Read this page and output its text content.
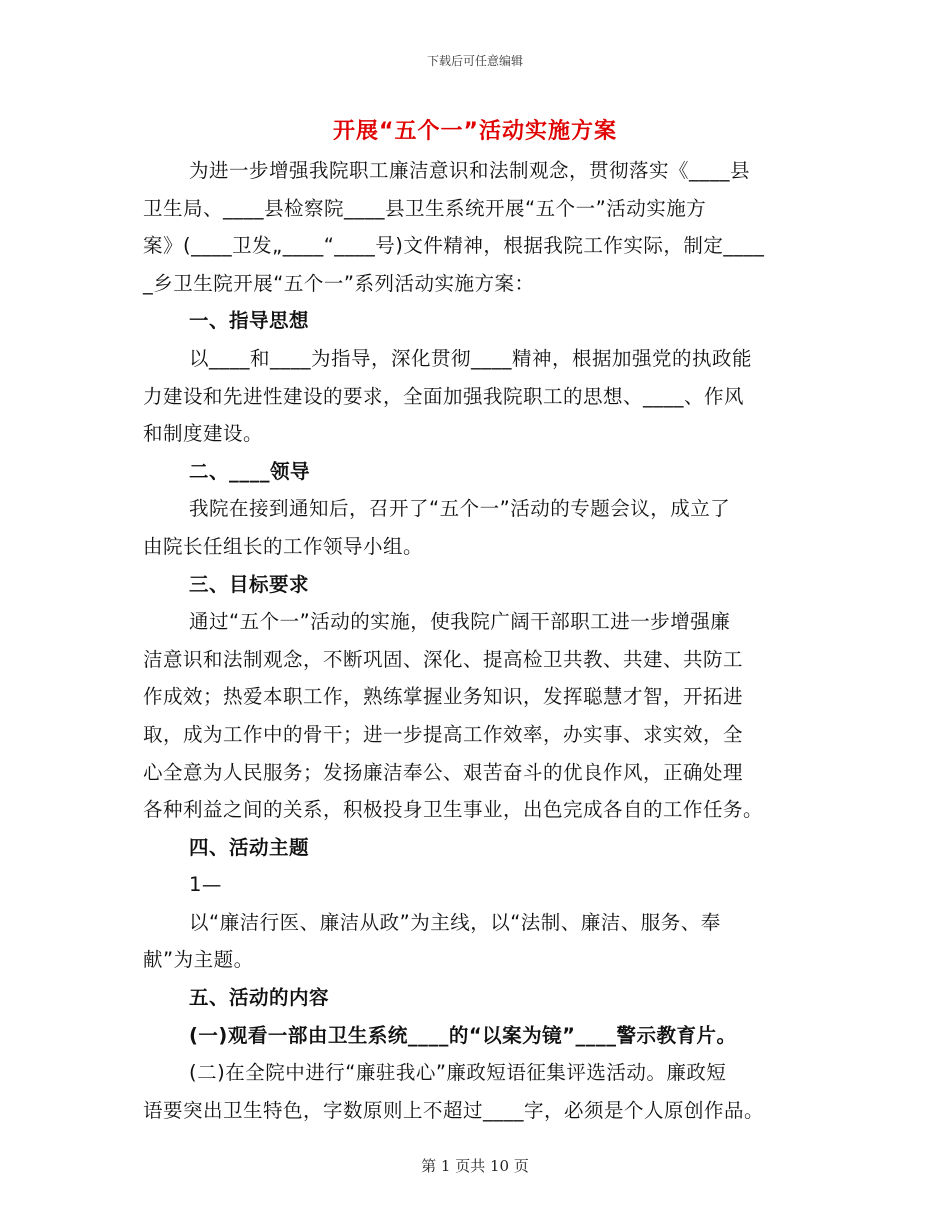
下载后可任意编辑
开展“五个一”活动实施方案
为进一步增强我院职工廉洁意识和法制观念，贯彻落实《____县
卫生局、____县检察院____县卫生系统开展“五个一”活动实施方
案》(____卫发„____“____号)文件精神，根据我院工作实际，制定____
_乡卫生院开展“五个一”系列活动实施方案：
一、指导思想
以____和____为指导，深化贯彻____精神，根据加强党的执政能
力建设和先进性建设的要求，全面加强我院职工的思想、____、作风
和制度建设。
二、____领导
我院在接到通知后，召开了“五个一”活动的专题会议，成立了
由院长任组长的工作领导小组。
三、目标要求
通过“五个一”活动的实施，使我院广阔干部职工进一步增强廉
洁意识和法制观念，不断巩固、深化、提高检卫共教、共建、共防工
作成效；热爱本职工作，熟练掌握业务知识，发挥聪慧才智，开拓进
取，成为工作中的骨干；进一步提高工作效率，办实事、求实效，全
心全意为人民服务；发扬廉洁奉公、艰苦奋斗的优良作风，正确处理
各种利益之间的关系，积极投身卫生事业，出色完成各自的工作任务。
四、活动主题
1—
以“廉洁行医、廉洁从政”为主线，以“法制、廉洁、服务、奉
献”为主题。
五、活动的内容
(一)观看一部由卫生系统____的“以案为镜”____警示教育片。
(二)在全院中进行“廉驻我心”廉政短语征集评选活动。廉政短
语要突出卫生特色，字数原则上不超过____字，必须是个人原创作品。
第 1 页共 10 页
